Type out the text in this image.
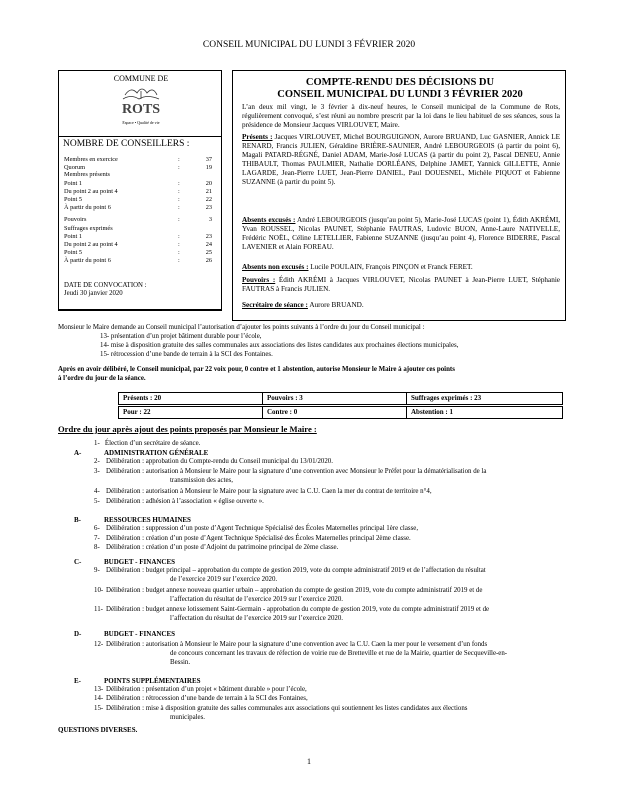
CONSEIL MUNICIPAL DU LUNDI 3 FÉVRIER 2020
COMMUNE DE
ROTS
Espace • Qualité de vie
NOMBRE DE CONSEILLERS :
Membres en exercice	:	37
Quorum	:	19
Membres présents
Point 1	:	20
Du point 2 au point 4	:	21
Point 5	:	22
À partir du point 6	:	23
Pouvoirs	:	3
Suffrages exprimés
Point 1	:	23
Du point 2 au point 4	:	24
Point 5	:	25
À partir du point 6	:	26
DATE DE CONVOCATION :
Jeudi 30 janvier 2020
COMPTE-RENDU DES DÉCISIONS DU
CONSEIL MUNICIPAL DU LUNDI 3 FÉVRIER 2020
L’an deux mil vingt, le 3 février à dix-neuf heures, le Conseil municipal de la Commune de Rots, régulièrement convoqué, s’est réuni au nombre prescrit par la loi dans le lieu habituel de ses séances, sous la présidence de Monsieur Jacques VIRLOUVET, Maire.
Présents : Jacques VIRLOUVET, Michel BOURGUIGNON, Aurore BRUAND, Luc GASNIER, Annick LE RENARD, Francis JULIEN, Géraldine BRIÈRE-SAUNIER, André LEBOURGEOIS (à partir du point 6), Magali PATARD-RÉGNÉ, Daniel ADAM, Marie-José LUCAS (à partir du point 2), Pascal DENEU, Annie THIBAULT, Thomas PAULMIER, Nathalie DORLÉANS, Delphine JAMET, Yannick GILLETTE, Annie LAGARDE, Jean-Pierre LUET, Jean-Pierre DANIEL, Paul DOUESNEL, Michèle PIQUOT et Fabienne SUZANNE (à partir du point 5).
Absents excusés : André LEBOURGEOIS (jusqu’au point 5), Marie-José LUCAS (point 1), Édith AKRÉMI, Yvan ROUSSEL, Nicolas PAUNET, Stéphanie FAUTRAS, Ludovic BUON, Anne-Laure NATIVELLE, Frédéric NOËL, Céline LETELLIER, Fabienne SUZANNE (jusqu’au point 4), Florence BIDERRE, Pascal LAVENIER et Alain FOREAU.
Absents non excusés : Lucile POULAIN, François PINÇON et Franck FERET.
Pouvoirs : Édith AKRÉMI à Jacques VIRLOUVET, Nicolas PAUNET à Jean-Pierre LUET, Stéphanie FAUTRAS à Francis JULIEN.
Secrétaire de séance : Aurore BRUAND.
Monsieur le Maire demande au Conseil municipal l’autorisation d’ajouter les points suivants à l’ordre du jour du Conseil municipal :
13- présentation d’un projet bâtiment durable pour l’école,
14- mise à disposition gratuite des salles communales aux associations des listes candidates aux prochaines élections municipales,
15- rétrocession d’une bande de terrain à la SCI des Fontaines.
Après en avoir délibéré, le Conseil municipal, par 22 voix pour, 0 contre et 1 abstention, autorise Monsieur le Maire à ajouter ces points
à l’ordre du jour de la séance.
Présents : 20	Pouvoirs : 3	Suffrages exprimés : 23
Pour : 22	Contre : 0	Abstention : 1
Ordre du jour après ajout des points proposés par Monsieur le Maire :
1-   Élection d’un secrétaire de séance.
A-	ADMINISTRATION GÉNÉRALE
B-	RESSOURCES HUMAINES
C-	BUDGET - FINANCES
D-	BUDGET - FINANCES
E-	POINTS SUPPLÉMENTAIRES
2- Délibération : approbation du Compte-rendu du Conseil municipal du 13/01/2020.
3- Délibération : autorisation à Monsieur le Maire pour la signature d’une convention avec Monsieur le Préfet pour la dématérialisation de la
transmission des actes,
4- Délibération : autorisation à Monsieur le Maire pour la signature avec la C.U. Caen la mer du contrat de territoire n°4,
5- Délibération : adhésion à l’association « église ouverte ».
6- Délibération : suppression d’un poste d’Agent Technique Spécialisé des Écoles Maternelles principal 1ère classe,
7- Délibération : création d’un poste d’Agent Technique Spécialisé des Écoles Maternelles principal 2ème classe.
8- Délibération : création d’un poste d’Adjoint du patrimoine principal de 2ème classe.
9- Délibération : budget principal – approbation du compte de gestion 2019, vote du compte administratif 2019 et de l’affectation du résultat
de l’exercice 2019 sur l’exercice 2020.
10- Délibération : budget annexe nouveau quartier urbain – approbation du compte de gestion 2019, vote du compte administratif 2019 et de
l’affectation du résultat de l’exercice 2019 sur l’exercice 2020.
11- Délibération : budget annexe lotissement Saint-Germain - approbation du compte de gestion 2019, vote du compte administratif 2019 et de
l’affectation du résultat de l’exercice 2019 sur l’exercice 2020.
12- Délibération : autorisation à Monsieur le Maire pour la signature d’une convention avec la C.U. Caen la mer pour le versement d’un fonds
de concours concernant les travaux de réfection de voirie rue de Bretteville et rue de la Mairie, quartier de Secqueville-en-
Bessin.
13- Délibération : présentation d’un projet « bâtiment durable » pour l’école,
14- Délibération : rétrocession d’une bande de terrain à la SCI des Fontaines,
15- Délibération : mise à disposition gratuite des salles communales aux associations qui soutiennent les listes candidates aux élections
municipales.
QUESTIONS DIVERSES.
1
